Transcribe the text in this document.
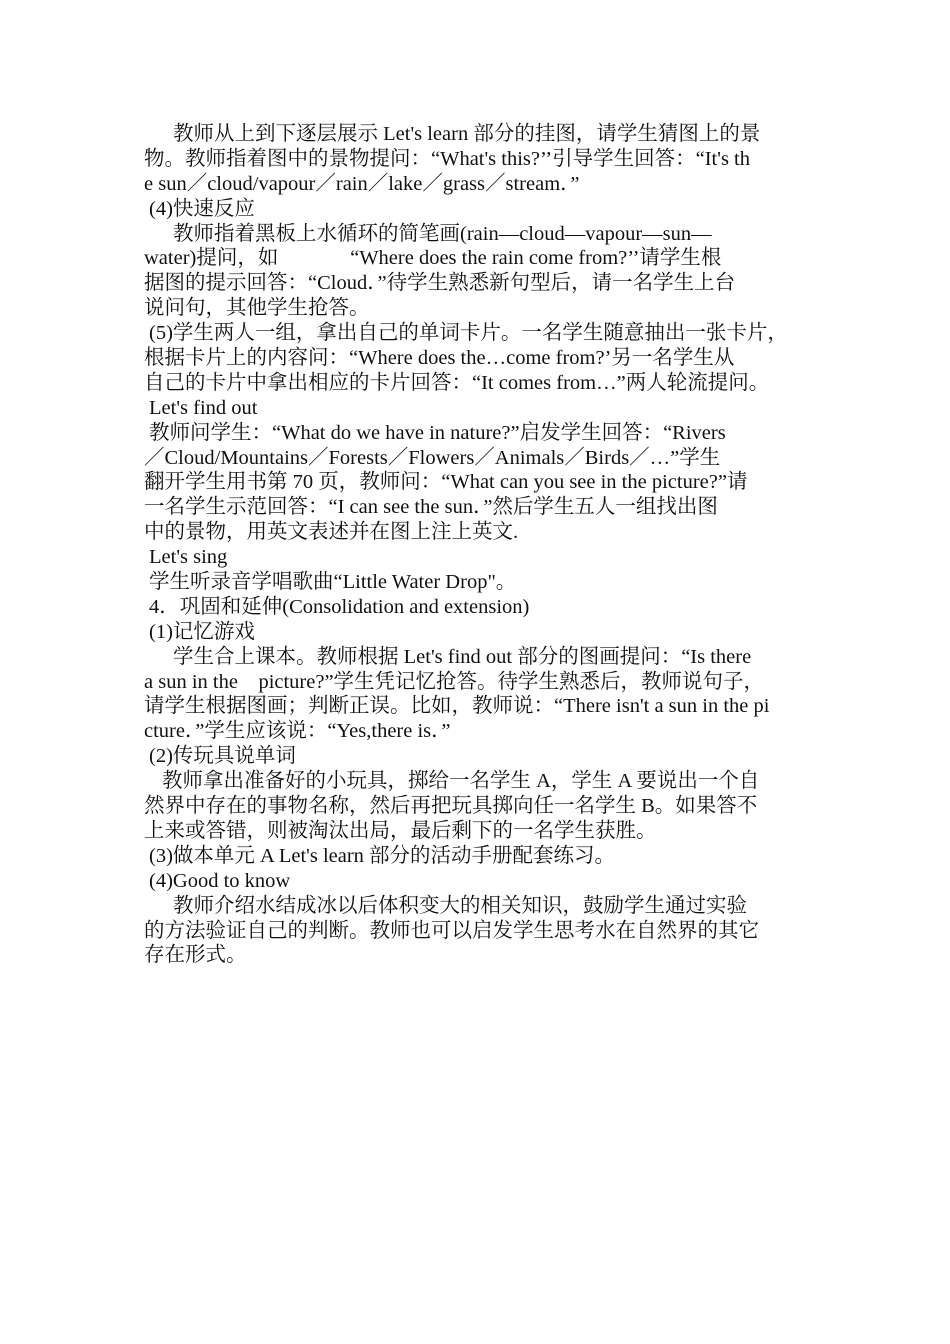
教师从上到下逐层展示 Let's learn 部分的挂图，请学生猜图上的景
物。教师指着图中的景物提问：“What's this?’’引导学生回答：“It's th
e sun／cloud/vapour／rain／lake／grass／stream．”
(4)快速反应
教师指着黑板上水循环的简笔画(rain—cloud—vapour—sun—
water)提问，如              “Where does the rain come from?’’请学生根
据图的提示回答：“Cloud．”待学生熟悉新句型后，请一名学生上台
说问句，其他学生抢答。
(5)学生两人一组，拿出自己的单词卡片。一名学生随意抽出一张卡片，
根据卡片上的内容问：“Where does the…come from?’另一名学生从
自己的卡片中拿出相应的卡片回答：“It comes from…”两人轮流提问。
Let's find out
教师问学生：“What do we have in nature?”启发学生回答：“Rivers
／Cloud/Mountains／Forests／Flowers／Animals／Birds／…”学生
翻开学生用书第 70 页，教师问：“What can you see in the picture?”请
一名学生示范回答：“I can see the sun．”然后学生五人一组找出图
中的景物，用英文表述并在图上注上英文.
Let's sing
学生听录音学唱歌曲“Little Water Drop"。
4．巩固和延伸(Consolidation and extension)
(1)记忆游戏
学生合上课本。教师根据 Let's find out 部分的图画提问：“Is there
a sun in the    picture?”学生凭记忆抢答。待学生熟悉后，教师说句子，
请学生根据图画；判断正误。比如，教师说：“There isn't a sun in the pi
cture．”学生应该说：“Yes,there is．”
(2)传玩具说单词
教师拿出准备好的小玩具，掷给一名学生 A，学生 A 要说出一个自
然界中存在的事物名称，然后再把玩具掷向任一名学生 B。如果答不
上来或答错，则被淘汰出局，最后剩下的一名学生获胜。
(3)做本单元 A Let's learn 部分的活动手册配套练习。
(4)Good to know
教师介绍水结成冰以后体积变大的相关知识，鼓励学生通过实验
的方法验证自己的判断。教师也可以启发学生思考水在自然界的其它
存在形式。
